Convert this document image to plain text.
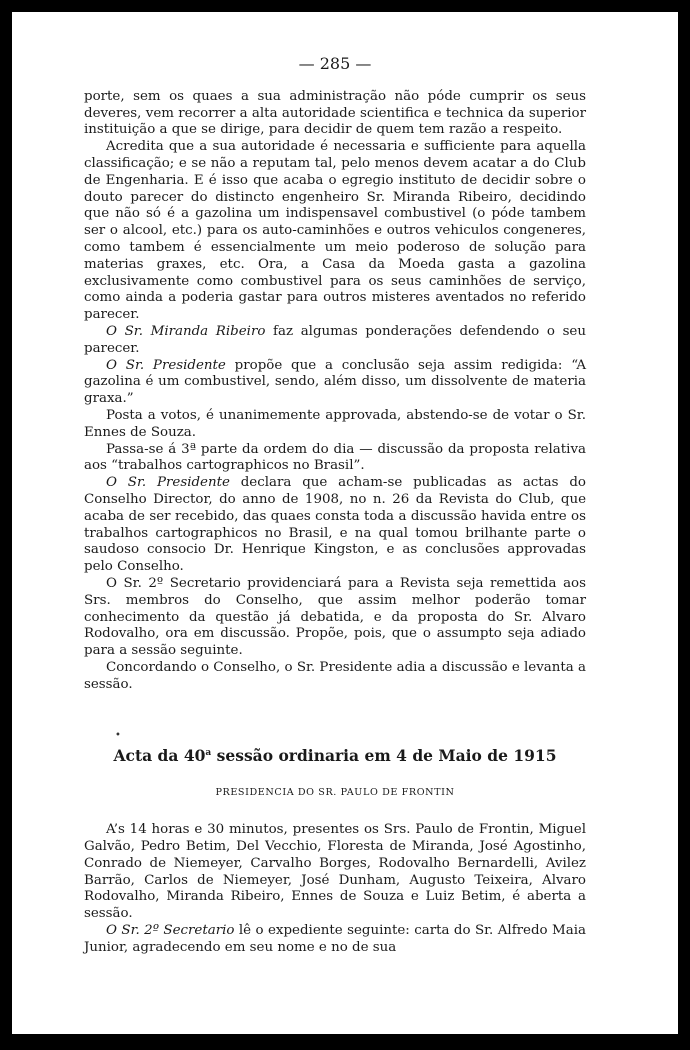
— 285 —

porte, sem os quaes a sua administração não póde cumprir os seus deveres, vem recorrer a alta autoridade scientifica e technica da superior instituição a que se dirige, para decidir de quem tem razão a respeito.

Acredita que a sua autoridade é necessaria e sufficiente para aquella classificação; e se não a reputam tal, pelo menos devem acatar a do Club de Engenharia. E é isso que acaba o egregio instituto de decidir sobre o douto parecer do distincto engenheiro Sr. Miranda Ribeiro, decidindo que não só é a gazolina um indispensavel combustivel (o póde tambem ser o alcool, etc.) para os auto-caminhões e outros vehiculos congeneres, como tambem é essencialmente um meio poderoso de solução para materias graxes, etc. Ora, a Casa da Moeda gasta a gazolina exclusivamente como combustivel para os seus caminhões de serviço, como ainda a poderia gastar para outros misteres aventados no referido parecer.

O Sr. Miranda Ribeiro faz algumas ponderações defendendo o seu parecer.

O Sr. Presidente propõe que a conclusão seja assim redigida: “A gazolina é um combustivel, sendo, além disso, um dissolvente de materia graxa.”

Posta a votos, é unanimemente approvada, abstendo-se de votar o Sr. Ennes de Souza.

Passa-se á 3ª parte da ordem do dia — discussão da proposta relativa aos “trabalhos cartographicos no Brasil”.

O Sr. Presidente declara que acham-se publicadas as actas do Conselho Director, do anno de 1908, no n. 26 da Revista do Club, que acaba de ser recebido, das quaes consta toda a discussão havida entre os trabalhos cartographicos no Brasil, e na qual tomou brilhante parte o saudoso consocio Dr. Henrique Kingston, e as conclusões approvadas pelo Conselho.

O Sr. 2º Secretario providenciará para a Revista seja remettida aos Srs. membros do Conselho, que assim melhor poderão tomar conhecimento da questão já debatida, e da proposta do Sr. Alvaro Rodovalho, ora em discussão. Propõe, pois, que o assumpto seja adiado para a sessão seguinte.

Concordando o Conselho, o Sr. Presidente adia a discussão e levanta a sessão.

Acta da 40$^a$ sessão ordinaria em 4 de Maio de 1915
PRESIDENCIA DO SR. PAULO DE FRONTIN

A’s 14 horas e 30 minutos, presentes os Srs. Paulo de Frontin, Miguel Galvão, Pedro Betim, Del Vecchio, Floresta de Miranda, José Agostinho, Conrado de Niemeyer, Carvalho Borges, Rodovalho Bernardelli, Avilez Barrão, Carlos de Niemeyer, José Dunham, Augusto Teixeira, Alvaro Rodovalho, Miranda Ribeiro, Ennes de Souza e Luiz Betim, é aberta a sessão.

O Sr. 2º Secretario lê o expediente seguinte: carta do Sr. Alfredo Maia Junior, agradecendo em seu nome e no de sua

•
